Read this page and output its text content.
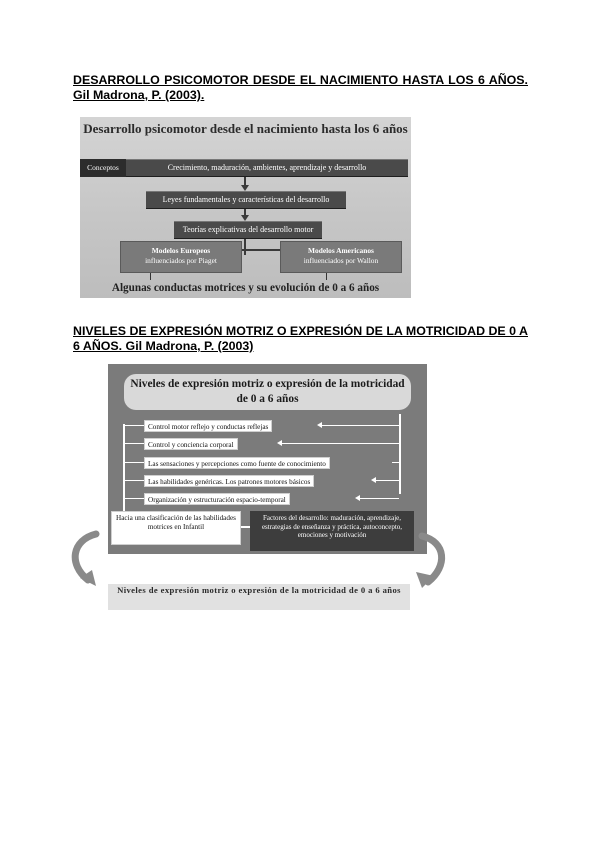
DESARROLLO PSICOMOTOR DESDE EL NACIMIENTO HASTA LOS 6 AÑOS. Gil Madrona, P. (2003).

Desarrollo psicomotor desde el nacimiento hasta los 6 años
Conceptos	Crecimiento, maduración, ambientes, aprendizaje y desarrollo
Leyes fundamentales y características del desarrollo
Teorías explicativas del desarrollo motor
Modelos Europeos
influenciados por Piaget
Modelos Americanos
influenciados por Wallon
Algunas conductas motrices y su evolución de 0 a 6 años

NIVELES DE EXPRESIÓN MOTRIZ O EXPRESIÓN DE LA MOTRICIDAD DE 0 A 6 AÑOS. Gil Madrona, P. (2003)

Niveles de expresión motriz o expresión de la motricidad de 0 a 6 años
Control motor reflejo y conductas reflejas
Control y conciencia corporal
Las sensaciones y percepciones como fuente de conocimiento
Las habilidades genéricas. Los patrones motores básicos
Organización y estructuración espacio-temporal
Hacia una clasificación de las habilidades motrices en Infantil
Factores del desarrollo: maduración, aprendizaje, estrategias de enseñanza y práctica, autoconcepto, emociones y motivación
Niveles de expresión motriz o expresión de la motricidad de 0 a 6 años
